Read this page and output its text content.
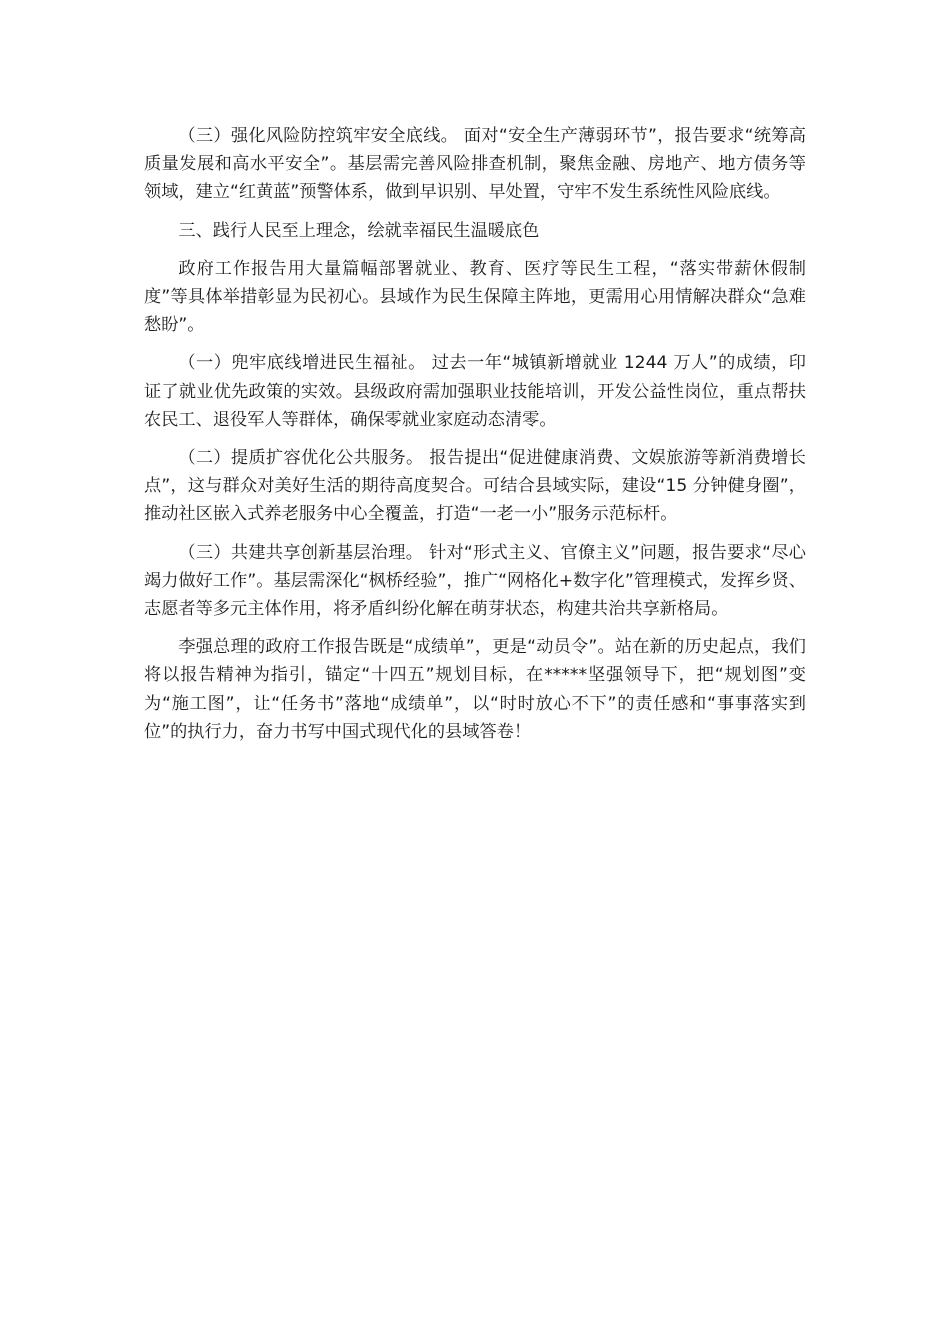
（三）强化风险防控筑牢安全底线。 面对“安全生产薄弱环节”，报告要求“统筹高质量发展和高水平安全”。基层需完善风险排查机制，聚焦金融、房地产、地方债务等领域，建立“红黄蓝”预警体系，做到早识别、早处置，守牢不发生系统性风险底线。

三、践行人民至上理念，绘就幸福民生温暖底色

政府工作报告用大量篇幅部署就业、教育、医疗等民生工程，“落实带薪休假制度”等具体举措彰显为民初心。县域作为民生保障主阵地，更需用心用情解决群众“急难愁盼”。

（一）兜牢底线增进民生福祉。 过去一年“城镇新增就业 1244 万人”的成绩，印证了就业优先政策的实效。县级政府需加强职业技能培训，开发公益性岗位，重点帮扶农民工、退役军人等群体，确保零就业家庭动态清零。

（二）提质扩容优化公共服务。 报告提出“促进健康消费、文娱旅游等新消费增长点”，这与群众对美好生活的期待高度契合。可结合县域实际，建设“15 分钟健身圈”，推动社区嵌入式养老服务中心全覆盖，打造“一老一小”服务示范标杆。

（三）共建共享创新基层治理。 针对“形式主义、官僚主义”问题，报告要求“尽心竭力做好工作”。基层需深化“枫桥经验”，推广“网格化+数字化”管理模式，发挥乡贤、志愿者等多元主体作用，将矛盾纠纷化解在萌芽状态，构建共治共享新格局。

李强总理的政府工作报告既是“成绩单”，更是“动员令”。站在新的历史起点，我们将以报告精神为指引，锚定“十四五”规划目标，在*****坚强领导下，把“规划图”变为“施工图”，让“任务书”落地“成绩单”，以“时时放心不下”的责任感和“事事落实到位”的执行力，奋力书写中国式现代化的县域答卷！
